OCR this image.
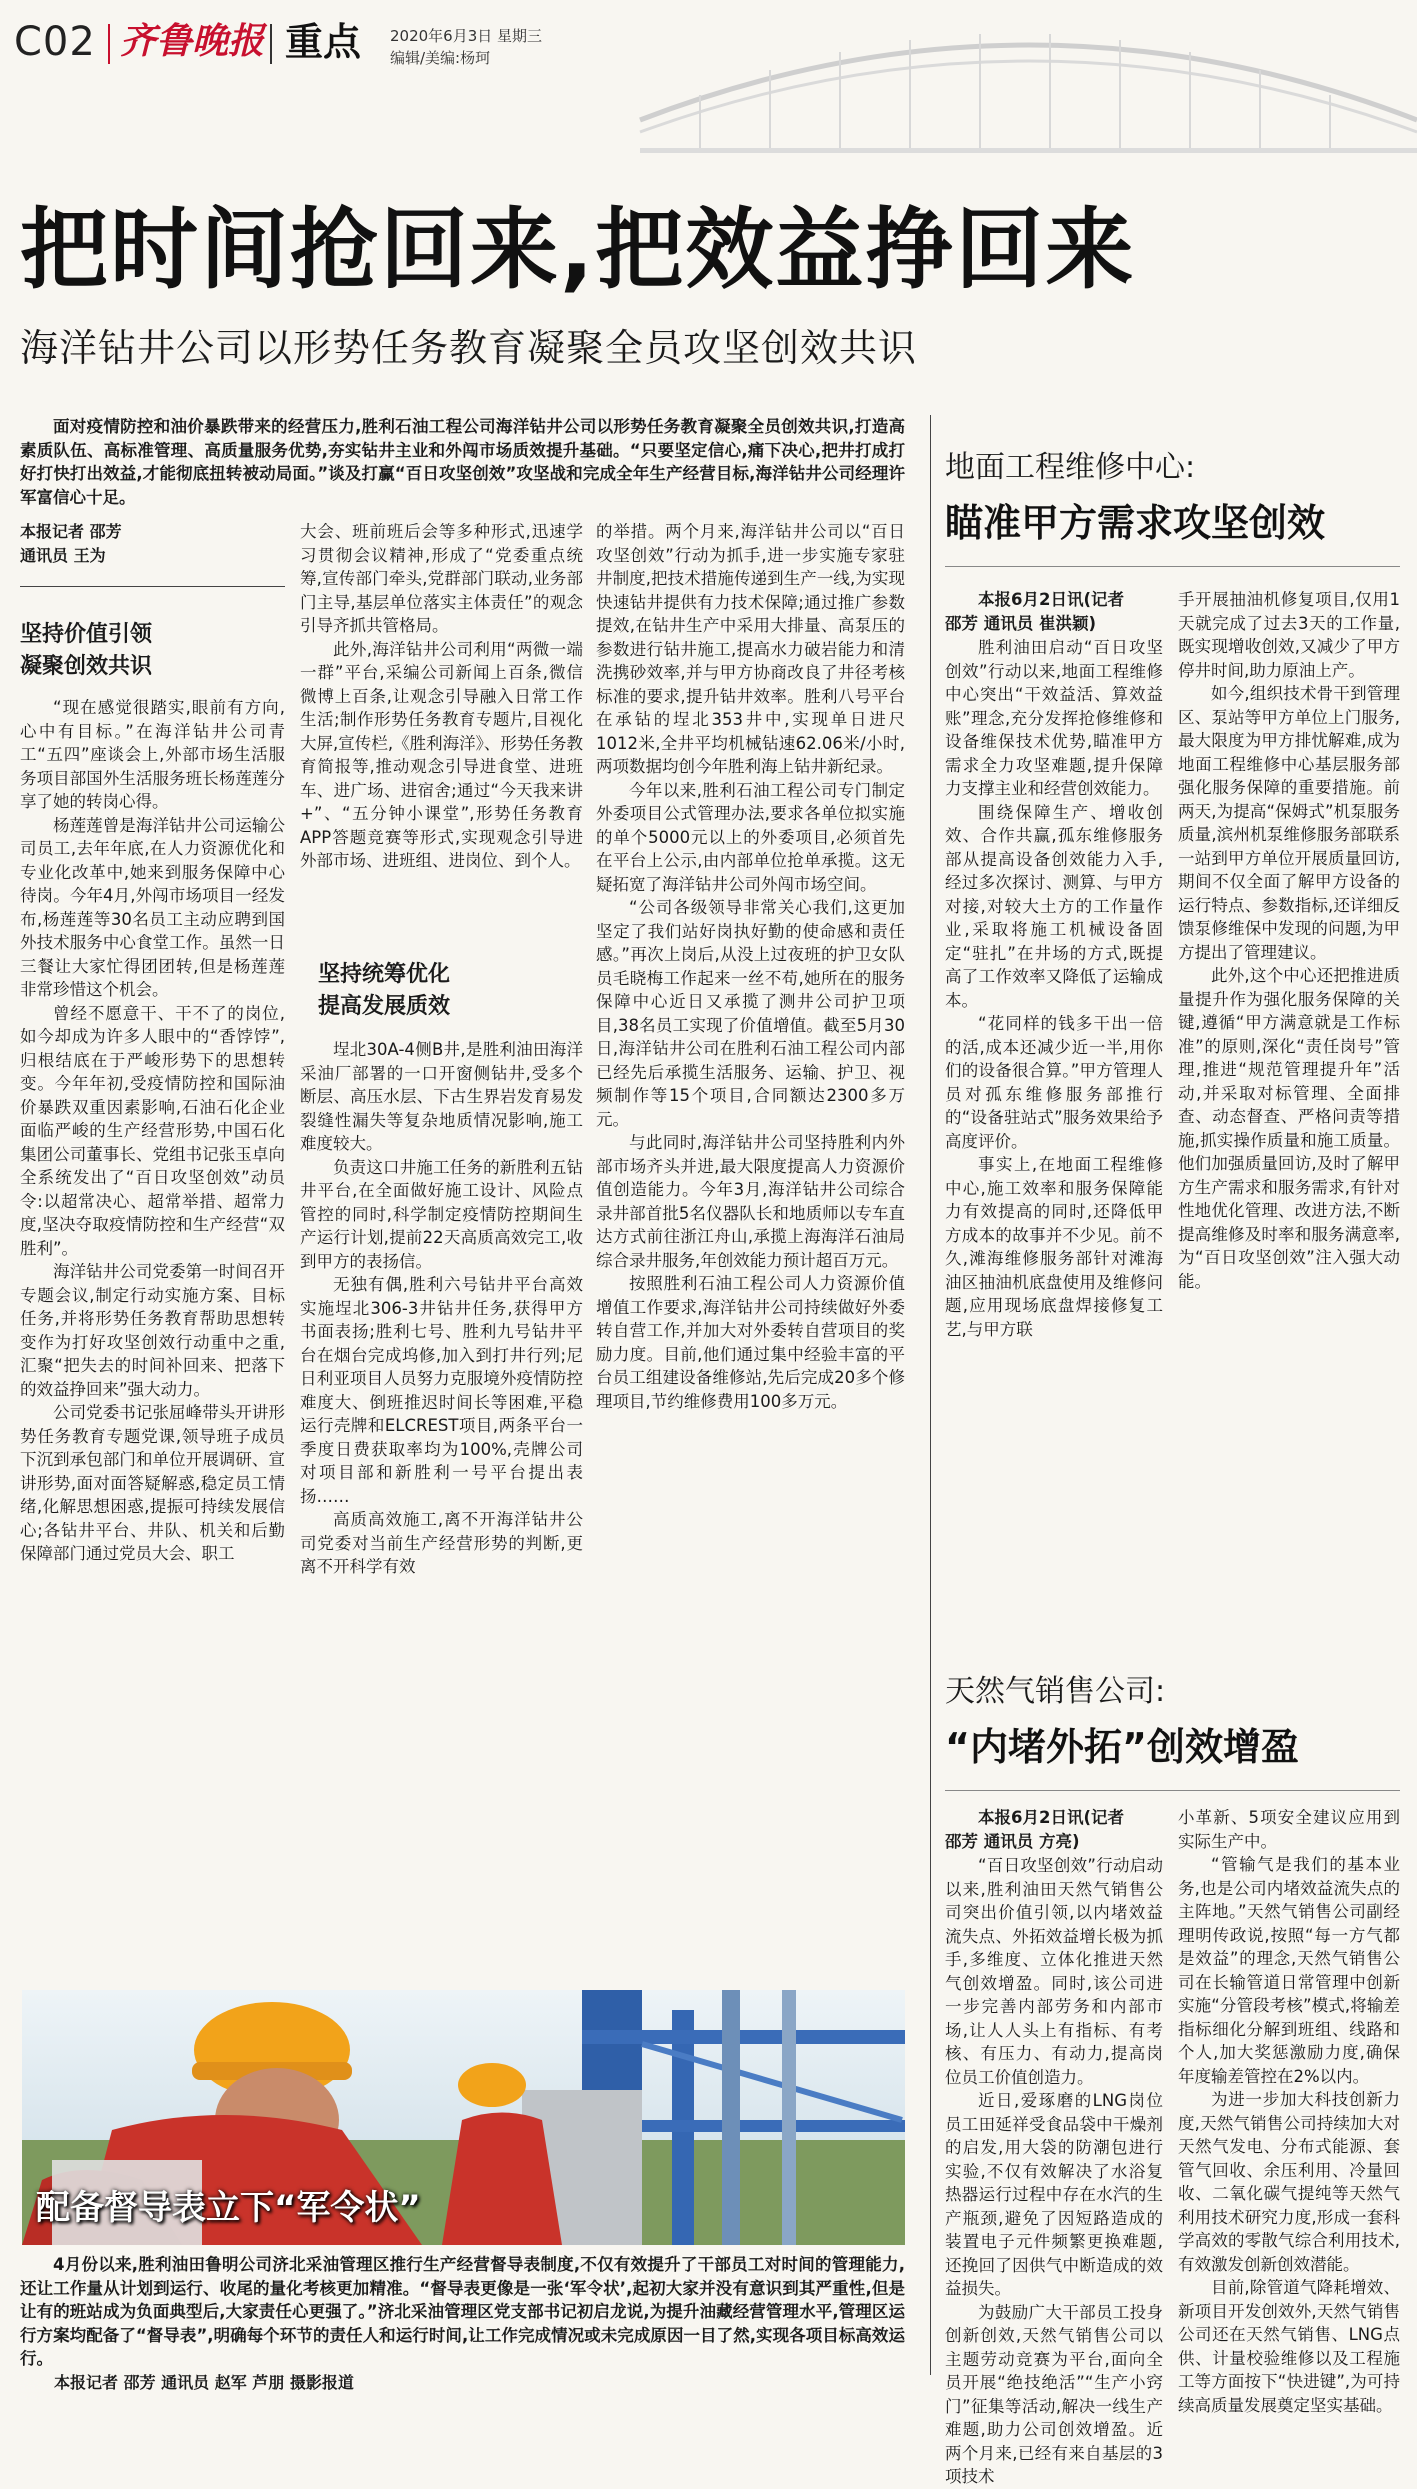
C02 齐鲁晚报 重点 2020年6月3日 星期三
编辑/美编:杨珂
把时间抢回来,把效益挣回来
海洋钻井公司以形势任务教育凝聚全员攻坚创效共识

面对疫情防控和油价暴跌带来的经营压力,胜利石油工程公司海洋钻井公司以形势任务教育凝聚全员创效共识,打造高素质队伍、高标准管理、高质量服务优势,夯实钻井主业和外闯市场质效提升基础。“只要坚定信心,痛下决心,把井打成打好打快打出效益,才能彻底扭转被动局面。”谈及打赢“百日攻坚创效”攻坚战和完成全年生产经营目标,海洋钻井公司经理许军富信心十足。

本报记者 邵芳
通讯员 王为
坚持价值引领
凝聚创效共识

“现在感觉很踏实,眼前有方向,心中有目标。”在海洋钻井公司青工“五四”座谈会上,外部市场生活服务项目部国外生活服务班长杨莲莲分享了她的转岗心得。

杨莲莲曾是海洋钻井公司运输公司员工,去年年底,在人力资源优化和专业化改革中,她来到服务保障中心待岗。今年4月,外闯市场项目一经发布,杨莲莲等30名员工主动应聘到国外技术服务中心食堂工作。虽然一日三餐让大家忙得团团转,但是杨莲莲非常珍惜这个机会。

曾经不愿意干、干不了的岗位,如今却成为许多人眼中的“香饽饽”,归根结底在于严峻形势下的思想转变。今年年初,受疫情防控和国际油价暴跌双重因素影响,石油石化企业面临严峻的生产经营形势,中国石化集团公司董事长、党组书记张玉卓向全系统发出了“百日攻坚创效”动员令:以超常决心、超常举措、超常力度,坚决夺取疫情防控和生产经营“双胜利”。

海洋钻井公司党委第一时间召开专题会议,制定行动实施方案、目标任务,并将形势任务教育帮助思想转变作为打好攻坚创效行动重中之重,汇聚“把失去的时间补回来、把落下的效益挣回来”强大动力。

公司党委书记张屈峰带头开讲形势任务教育专题党课,领导班子成员下沉到承包部门和单位开展调研、宣讲形势,面对面答疑解惑,稳定员工情绪,化解思想困惑,提振可持续发展信心;各钻井平台、井队、机关和后勤保障部门通过党员大会、职工

大会、班前班后会等多种形式,迅速学习贯彻会议精神,形成了“党委重点统筹,宣传部门牵头,党群部门联动,业务部门主导,基层单位落实主体责任”的观念引导齐抓共管格局。

此外,海洋钻井公司利用“两微一端一群”平台,采编公司新闻上百条,微信微博上百条,让观念引导融入日常工作生活;制作形势任务教育专题片,目视化大屏,宣传栏,《胜利海洋》、形势任务教育简报等,推动观念引导进食堂、进班车、进广场、进宿舍;通过“今天我来讲+”、“五分钟小课堂”,形势任务教育APP答题竞赛等形式,实现观念引导进外部市场、进班组、进岗位、到个人。

坚持统筹优化
提高发展质效

埕北30A-4侧B井,是胜利油田海洋采油厂部署的一口开窗侧钻井,受多个断层、高压水层、下古生界岩发育易发裂缝性漏失等复杂地质情况影响,施工难度较大。

负责这口井施工任务的新胜利五钻井平台,在全面做好施工设计、风险点管控的同时,科学制定疫情防控期间生产运行计划,提前22天高质高效完工,收到甲方的表扬信。

无独有偶,胜利六号钻井平台高效实施埕北306-3井钻井任务,获得甲方书面表扬;胜利七号、胜利九号钻井平台在烟台完成坞修,加入到打井行列;尼日利亚项目人员努力克服境外疫情防控难度大、倒班推迟时间长等困难,平稳运行壳牌和ELCREST项目,两条平台一季度日费获取率均为100%,壳牌公司对项目部和新胜利一号平台提出表扬……

高质高效施工,离不开海洋钻井公司党委对当前生产经营形势的判断,更离不开科学有效

的举措。两个月来,海洋钻井公司以“百日攻坚创效”行动为抓手,进一步实施专家驻井制度,把技术措施传递到生产一线,为实现快速钻井提供有力技术保障;通过推广参数提效,在钻井生产中采用大排量、高泵压的参数进行钻井施工,提高水力破岩能力和清洗携砂效率,并与甲方协商改良了井径考核标准的要求,提升钻井效率。胜利八号平台在承钻的埕北353井中,实现单日进尺1012米,全井平均机械钻速62.06米/小时,两项数据均创今年胜利海上钻井新纪录。

今年以来,胜利石油工程公司专门制定外委项目公式管理办法,要求各单位拟实施的单个5000元以上的外委项目,必须首先在平台上公示,由内部单位抢单承揽。这无疑拓宽了海洋钻井公司外闯市场空间。

“公司各级领导非常关心我们,这更加坚定了我们站好岗执好勤的使命感和责任感。”再次上岗后,从没上过夜班的护卫女队员毛晓梅工作起来一丝不苟,她所在的服务保障中心近日又承揽了测井公司护卫项目,38名员工实现了价值增值。截至5月30日,海洋钻井公司在胜利石油工程公司内部已经先后承揽生活服务、运输、护卫、视频制作等15个项目,合同额达2300多万元。

与此同时,海洋钻井公司坚持胜利内外部市场齐头并进,最大限度提高人力资源价值创造能力。今年3月,海洋钻井公司综合录井部首批5名仪器队长和地质师以专车直达方式前往浙江舟山,承揽上海海洋石油局综合录井服务,年创效能力预计超百万元。

按照胜利石油工程公司人力资源价值增值工作要求,海洋钻井公司持续做好外委转自营工作,并加大对外委转自营项目的奖励力度。目前,他们通过集中经验丰富的平台员工组建设备维修站,先后完成20多个修理项目,节约维修费用100多万元。

配备督导表立下“军令状”

4月份以来,胜利油田鲁明公司济北采油管理区推行生产经营督导表制度,不仅有效提升了干部员工对时间的管理能力,还让工作量从计划到运行、收尾的量化考核更加精准。“督导表更像是一张‘军令状’,起初大家并没有意识到其严重性,但是让有的班站成为负面典型后,大家责任心更强了。”济北采油管理区党支部书记初启龙说,为提升油藏经营管理水平,管理区运行方案均配备了“督导表”,明确每个环节的责任人和运行时间,让工作完成情况或未完成原因一目了然,实现各项目标高效运行。

本报记者 邵芳 通讯员 赵军 芦朋 摄影报道
地面工程维修中心:
瞄准甲方需求攻坚创效
本报6月2日讯(记者
邵芳 通讯员 崔洪颖)

胜利油田启动“百日攻坚创效”行动以来,地面工程维修中心突出“干效益活、算效益账”理念,充分发挥抢修维修和设备维保技术优势,瞄准甲方需求全力攻坚难题,提升保障力支撑主业和经营创效能力。

围绕保障生产、增收创效、合作共赢,孤东维修服务部从提高设备创效能力入手,经过多次探讨、测算、与甲方对接,对较大土方的工作量作业,采取将施工机械设备固定“驻扎”在井场的方式,既提高了工作效率又降低了运输成本。

“花同样的钱多干出一倍的活,成本还减少近一半,用你们的设备很合算。”甲方管理人员对孤东维修服务部推行的“设备驻站式”服务效果给予高度评价。

事实上,在地面工程维修中心,施工效率和服务保障能力有效提高的同时,还降低甲方成本的故事并不少见。前不久,滩海维修服务部针对滩海油区抽油机底盘使用及维修问题,应用现场底盘焊接修复工艺,与甲方联

手开展抽油机修复项目,仅用1天就完成了过去3天的工作量,既实现增收创效,又减少了甲方停井时间,助力原油上产。

如今,组织技术骨干到管理区、泵站等甲方单位上门服务,最大限度为甲方排忧解难,成为地面工程维修中心基层服务部强化服务保障的重要措施。前两天,为提高“保姆式”机泵服务质量,滨州机泵维修服务部联系一站到甲方单位开展质量回访,期间不仅全面了解甲方设备的运行特点、参数指标,还详细反馈泵修维保中发现的问题,为甲方提出了管理建议。

此外,这个中心还把推进质量提升作为强化服务保障的关键,遵循“甲方满意就是工作标准”的原则,深化“责任岗号”管理,推进“规范管理提升年”活动,并采取对标管理、全面排查、动态督查、严格问责等措施,抓实操作质量和施工质量。他们加强质量回访,及时了解甲方生产需求和服务需求,有针对性地优化管理、改进方法,不断提高维修及时率和服务满意率,为“百日攻坚创效”注入强大动能。

天然气销售公司:
“内堵外拓”创效增盈
本报6月2日讯(记者
邵芳 通讯员 方亮)

“百日攻坚创效”行动启动以来,胜利油田天然气销售公司突出价值引领,以内堵效益流失点、外拓效益增长极为抓手,多维度、立体化推进天然气创效增盈。同时,该公司进一步完善内部劳务和内部市场,让人人头上有指标、有考核、有压力、有动力,提高岗位员工价值创造力。

近日,爱琢磨的LNG岗位员工田延祥受食品袋中干燥剂的启发,用大袋的防潮包进行实验,不仅有效解决了水浴复热器运行过程中存在水汽的生产瓶颈,避免了因短路造成的装置电子元件频繁更换难题,还挽回了因供气中断造成的效益损失。

为鼓励广大干部员工投身创新创效,天然气销售公司以主题劳动竞赛为平台,面向全员开展“绝技绝活”“生产小窍门”征集等活动,解决一线生产难题,助力公司创效增盈。近两个月来,已经有来自基层的3项技术

小革新、5项安全建议应用到实际生产中。

“管输气是我们的基本业务,也是公司内堵效益流失点的主阵地。”天然气销售公司副经理明传政说,按照“每一方气都是效益”的理念,天然气销售公司在长输管道日常管理中创新实施“分管段考核”模式,将输差指标细化分解到班组、线路和个人,加大奖惩激励力度,确保年度输差管控在2%以内。

为进一步加大科技创新力度,天然气销售公司持续加大对天然气发电、分布式能源、套管气回收、余压利用、冷量回收、二氧化碳气提纯等天然气利用技术研究力度,形成一套科学高效的零散气综合利用技术,有效激发创新创效潜能。

目前,除管道气降耗增效、新项目开发创效外,天然气销售公司还在天然气销售、LNG点供、计量校验维修以及工程施工等方面按下“快进键”,为可持续高质量发展奠定坚实基础。
